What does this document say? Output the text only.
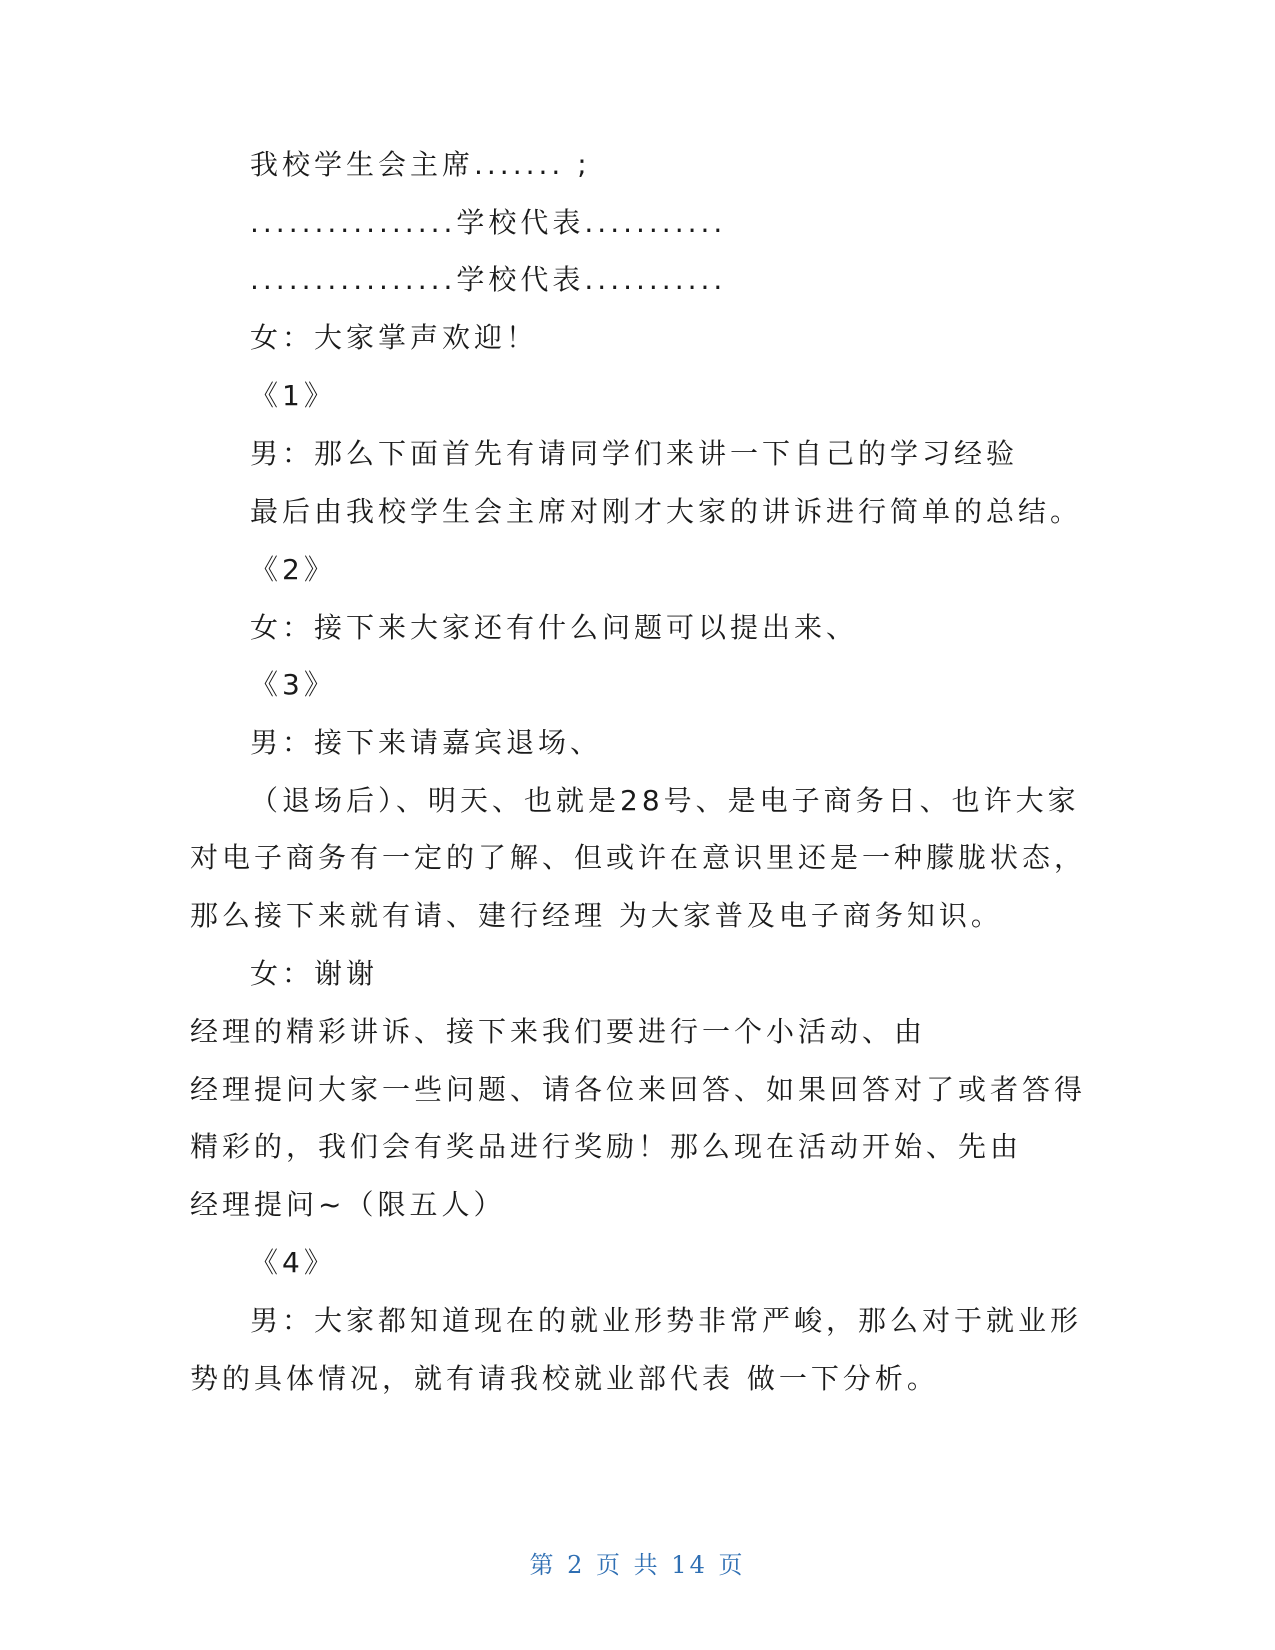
我校学生会主席....... ;
................学校代表...........
................学校代表...........
女：大家掌声欢迎！
《1》
男：那么下面首先有请同学们来讲一下自己的学习经验
最后由我校学生会主席对刚才大家的讲诉进行简单的总结。
《2》
女：接下来大家还有什么问题可以提出来、
《3》
男：接下来请嘉宾退场、
（退场后）、明天、也就是28号、是电子商务日、也许大家
对电子商务有一定的了解、但或许在意识里还是一种朦胧状态，
那么接下来就有请、建行经理 为大家普及电子商务知识。
女：谢谢
经理的精彩讲诉、接下来我们要进行一个小活动、由
经理提问大家一些问题、请各位来回答、如果回答对了或者答得
精彩的，我们会有奖品进行奖励！那么现在活动开始、先由
经理提问~（限五人）
《4》
男：大家都知道现在的就业形势非常严峻，那么对于就业形
势的具体情况，就有请我校就业部代表 做一下分析。
第 2 页 共 14 页
